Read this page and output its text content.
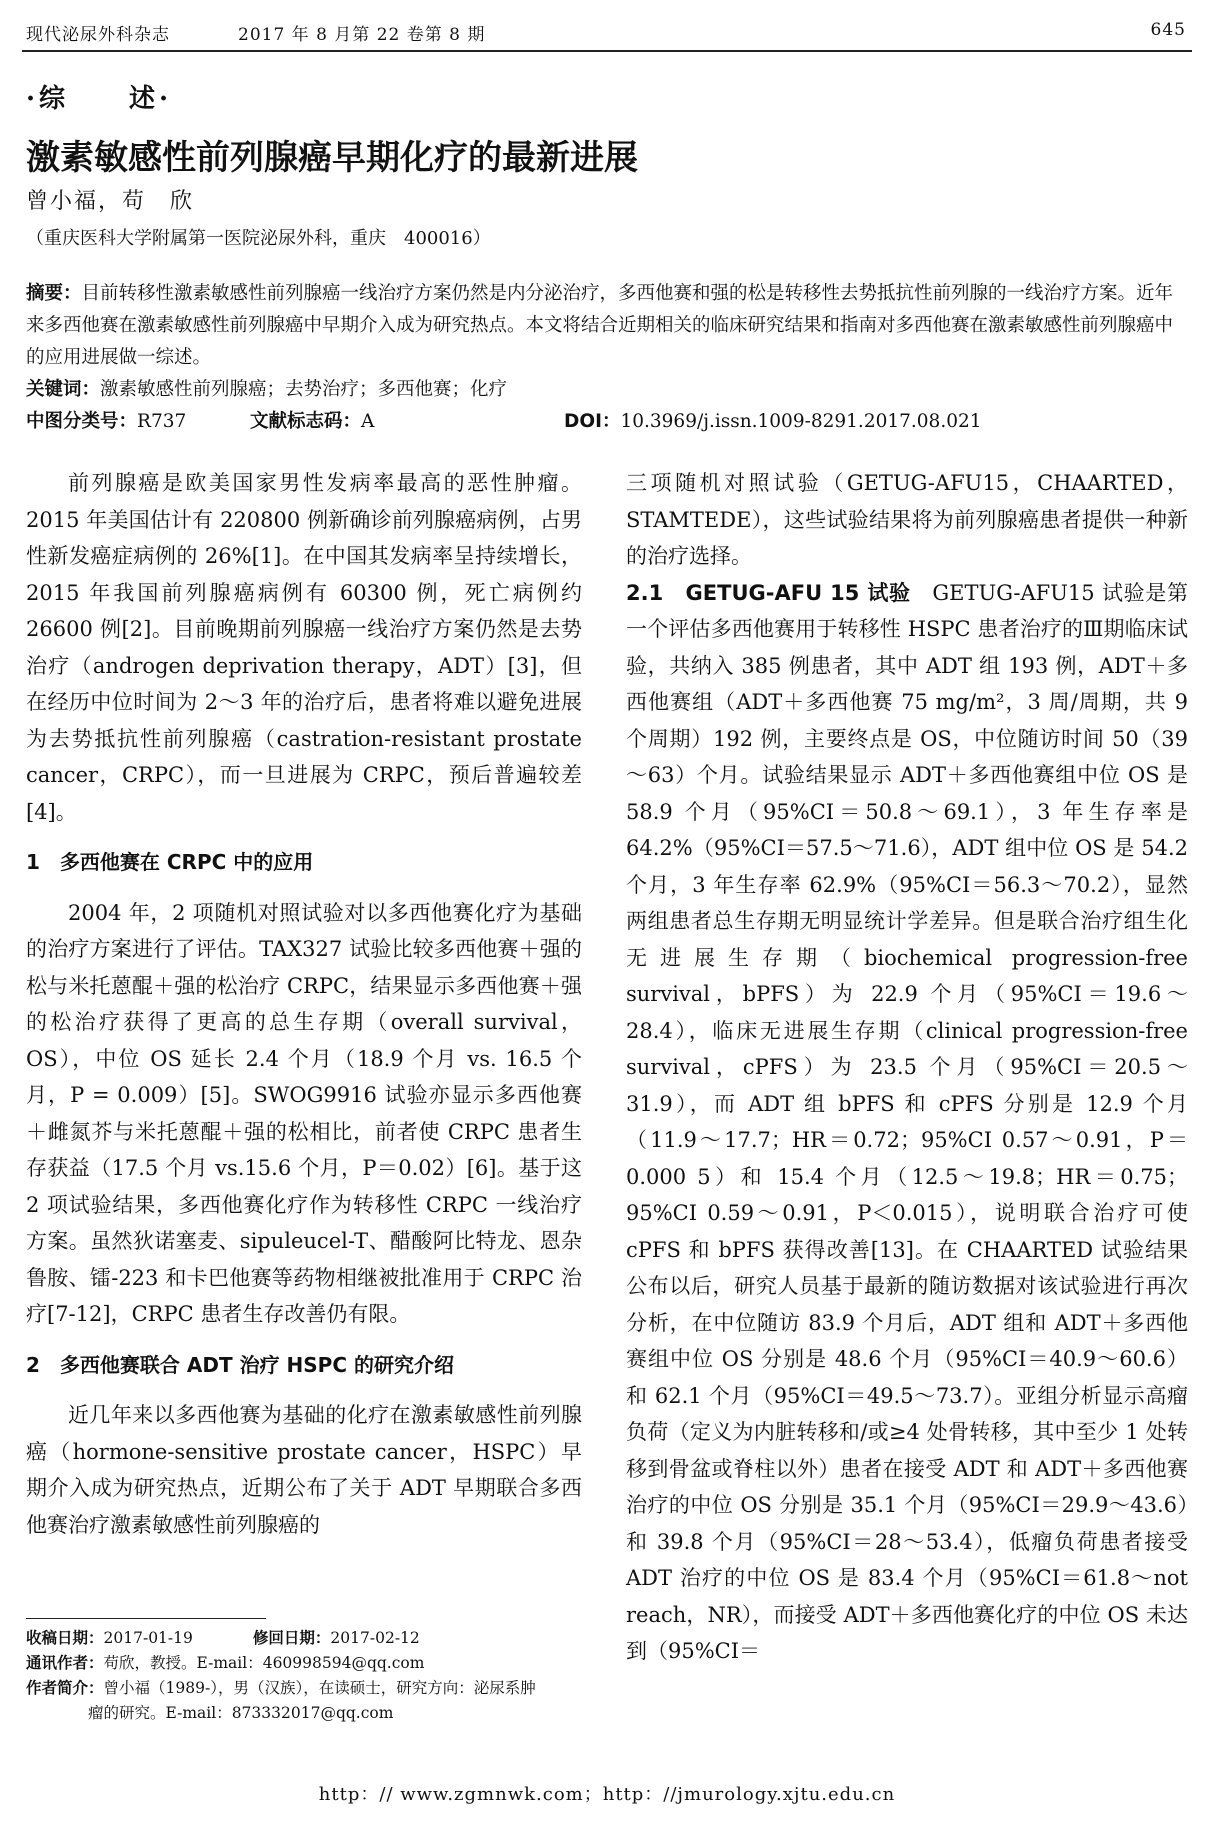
现代泌尿外科杂志	2017 年 8 月第 22 卷第 8 期	645
·综　　述·
激素敏感性前列腺癌早期化疗的最新进展
曾小福，苟　欣
（重庆医科大学附属第一医院泌尿外科，重庆　400016）

摘要：目前转移性激素敏感性前列腺癌一线治疗方案仍然是内分泌治疗，多西他赛和强的松是转移性去势抵抗性前列腺的一线治疗方案。近年来多西他赛在激素敏感性前列腺癌中早期介入成为研究热点。本文将结合近期相关的临床研究结果和指南对多西他赛在激素敏感性前列腺癌中的应用进展做一综述。

关键词：激素敏感性前列腺癌；去势治疗；多西他赛；化疗

中图分类号：R737	文献标志码：A	DOI：10.3969/j.issn.1009-8291.2017.08.021

前列腺癌是欧美国家男性发病率最高的恶性肿瘤。2015 年美国估计有 220800 例新确诊前列腺癌病例，占男性新发癌症病例的 26%[1]。在中国其发病率呈持续增长，2015 年我国前列腺癌病例有 60300 例，死亡病例约 26600 例[2]。目前晚期前列腺癌一线治疗方案仍然是去势治疗（androgen deprivation therapy，ADT）[3]，但在经历中位时间为 2～3 年的治疗后，患者将难以避免进展为去势抵抗性前列腺癌（castration-resistant prostate cancer，CRPC），而一旦进展为 CRPC，预后普遍较差[4]。

1　多西他赛在 CRPC 中的应用

2004 年，2 项随机对照试验对以多西他赛化疗为基础的治疗方案进行了评估。TAX327 试验比较多西他赛＋强的松与米托蒽醌＋强的松治疗 CRPC，结果显示多西他赛＋强的松治疗获得了更高的总生存期（overall survival，OS），中位 OS 延长 2.4 个月（18.9 个月 vs. 16.5 个月，P = 0.009）[5]。SWOG9916 试验亦显示多西他赛＋雌氮芥与米托蒽醌＋强的松相比，前者使 CRPC 患者生存获益（17.5 个月 vs.15.6 个月，P＝0.02）[6]。基于这 2 项试验结果，多西他赛化疗作为转移性 CRPC 一线治疗方案。虽然狄诺塞麦、sipuleucel-T、醋酸阿比特龙、恩杂鲁胺、镭-223 和卡巴他赛等药物相继被批准用于 CRPC 治疗[7-12]，CRPC 患者生存改善仍有限。

2　多西他赛联合 ADT 治疗 HSPC 的研究介绍

近几年来以多西他赛为基础的化疗在激素敏感性前列腺癌（hormone-sensitive prostate cancer，HSPC）早期介入成为研究热点，近期公布了关于 ADT 早期联合多西他赛治疗激素敏感性前列腺癌的

三项随机对照试验（GETUG-AFU15，CHAARTED，STAMTEDE），这些试验结果将为前列腺癌患者提供一种新的治疗选择。

2.1　GETUG-AFU 15 试验　 GETUG-AFU15 试验是第一个评估多西他赛用于转移性 HSPC 患者治疗的Ⅲ期临床试验，共纳入 385 例患者，其中 ADT 组 193 例，ADT＋多西他赛组（ADT＋多西他赛 75 mg/m²，3 周/周期，共 9 个周期）192 例，主要终点是 OS，中位随访时间 50（39～63）个月。试验结果显示 ADT＋多西他赛组中位 OS 是 58.9 个月（95%CI＝50.8～69.1），3 年生存率是 64.2%（95%CI＝57.5～71.6），ADT 组中位 OS 是 54.2 个月，3 年生存率 62.9%（95%CI＝56.3～70.2），显然两组患者总生存期无明显统计学差异。但是联合治疗组生化无进展生存期（biochemical progression-free survival，bPFS）为 22.9 个月（95%CI＝19.6～28.4），临床无进展生存期（clinical progression-free survival，cPFS）为 23.5 个月（95%CI＝20.5～31.9），而 ADT 组 bPFS 和 cPFS 分别是 12.9 个月（11.9～17.7；HR＝0.72；95%CI 0.57～0.91，P＝0.000 5）和 15.4 个月（12.5～19.8；HR＝0.75；95%CI 0.59～0.91，P＜0.015），说明联合治疗可使 cPFS 和 bPFS 获得改善[13]。在 CHAARTED 试验结果公布以后，研究人员基于最新的随访数据对该试验进行再次分析，在中位随访 83.9 个月后，ADT 组和 ADT＋多西他赛组中位 OS 分别是 48.6 个月（95%CI＝40.9～60.6）和 62.1 个月（95%CI＝49.5～73.7）。亚组分析显示高瘤负荷（定义为内脏转移和/或≥4 处骨转移，其中至少 1 处转移到骨盆或脊柱以外）患者在接受 ADT 和 ADT＋多西他赛治疗的中位 OS 分别是 35.1 个月（95%CI＝29.9～43.6）和 39.8 个月（95%CI＝28～53.4），低瘤负荷患者接受 ADT 治疗的中位 OS 是 83.4 个月（95%CI＝61.8～not reach，NR），而接受 ADT＋多西他赛化疗的中位 OS 未达到（95%CI＝

收稿日期：2017-01-19	修回日期：2017-02-12
通讯作者：苟欣，教授。E-mail：460998594@qq.com
作者简介：曾小福（1989-），男（汉族），在读硕士，研究方向：泌尿系肿
瘤的研究。E-mail：873332017@qq.com
http：// www.zgmnwk.com；http：//jmurology.xjtu.edu.cn
